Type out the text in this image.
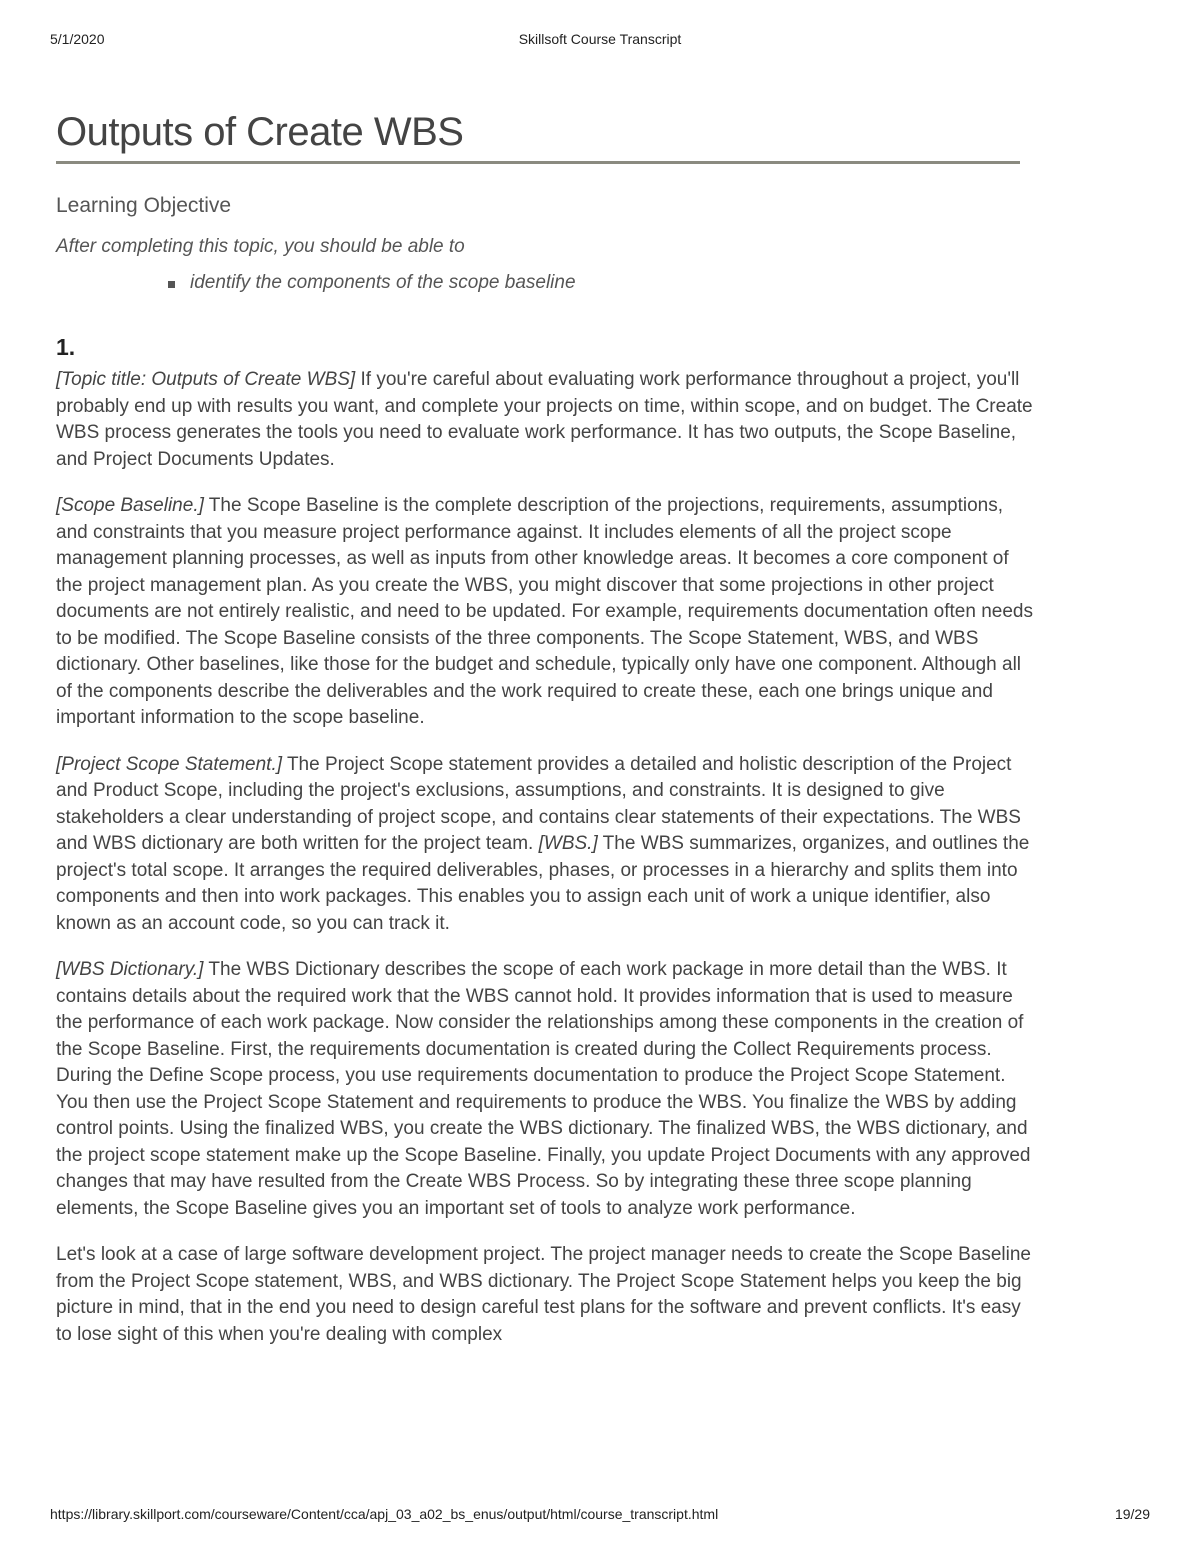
5/1/2020	Skillsoft Course Transcript
Outputs of Create WBS
Learning Objective
After completing this topic, you should be able to
identify the components of the scope baseline
1.

[Topic title: Outputs of Create WBS] If you're careful about evaluating work performance throughout a project, you'll probably end up with results you want, and complete your projects on time, within scope, and on budget. The Create WBS process generates the tools you need to evaluate work performance. It has two outputs, the Scope Baseline, and Project Documents Updates.

[Scope Baseline.] The Scope Baseline is the complete description of the projections, requirements, assumptions, and constraints that you measure project performance against. It includes elements of all the project scope management planning processes, as well as inputs from other knowledge areas. It becomes a core component of the project management plan. As you create the WBS, you might discover that some projections in other project documents are not entirely realistic, and need to be updated. For example, requirements documentation often needs to be modified. The Scope Baseline consists of the three components. The Scope Statement, WBS, and WBS dictionary. Other baselines, like those for the budget and schedule, typically only have one component. Although all of the components describe the deliverables and the work required to create these, each one brings unique and important information to the scope baseline.

[Project Scope Statement.] The Project Scope statement provides a detailed and holistic description of the Project and Product Scope, including the project's exclusions, assumptions, and constraints. It is designed to give stakeholders a clear understanding of project scope, and contains clear statements of their expectations. The WBS and WBS dictionary are both written for the project team. [WBS.] The WBS summarizes, organizes, and outlines the project's total scope. It arranges the required deliverables, phases, or processes in a hierarchy and splits them into components and then into work packages. This enables you to assign each unit of work a unique identifier, also known as an account code, so you can track it.

[WBS Dictionary.] The WBS Dictionary describes the scope of each work package in more detail than the WBS. It contains details about the required work that the WBS cannot hold. It provides information that is used to measure the performance of each work package. Now consider the relationships among these components in the creation of the Scope Baseline. First, the requirements documentation is created during the Collect Requirements process. During the Define Scope process, you use requirements documentation to produce the Project Scope Statement. You then use the Project Scope Statement and requirements to produce the WBS. You finalize the WBS by adding control points. Using the finalized WBS, you create the WBS dictionary. The finalized WBS, the WBS dictionary, and the project scope statement make up the Scope Baseline. Finally, you update Project Documents with any approved changes that may have resulted from the Create WBS Process. So by integrating these three scope planning elements, the Scope Baseline gives you an important set of tools to analyze work performance.

Let's look at a case of large software development project. The project manager needs to create the Scope Baseline from the Project Scope statement, WBS, and WBS dictionary. The Project Scope Statement helps you keep the big picture in mind, that in the end you need to design careful test plans for the software and prevent conflicts. It's easy to lose sight of this when you're dealing with complex

https://library.skillport.com/courseware/Content/cca/apj_03_a02_bs_enus/output/html/course_transcript.html	19/29
